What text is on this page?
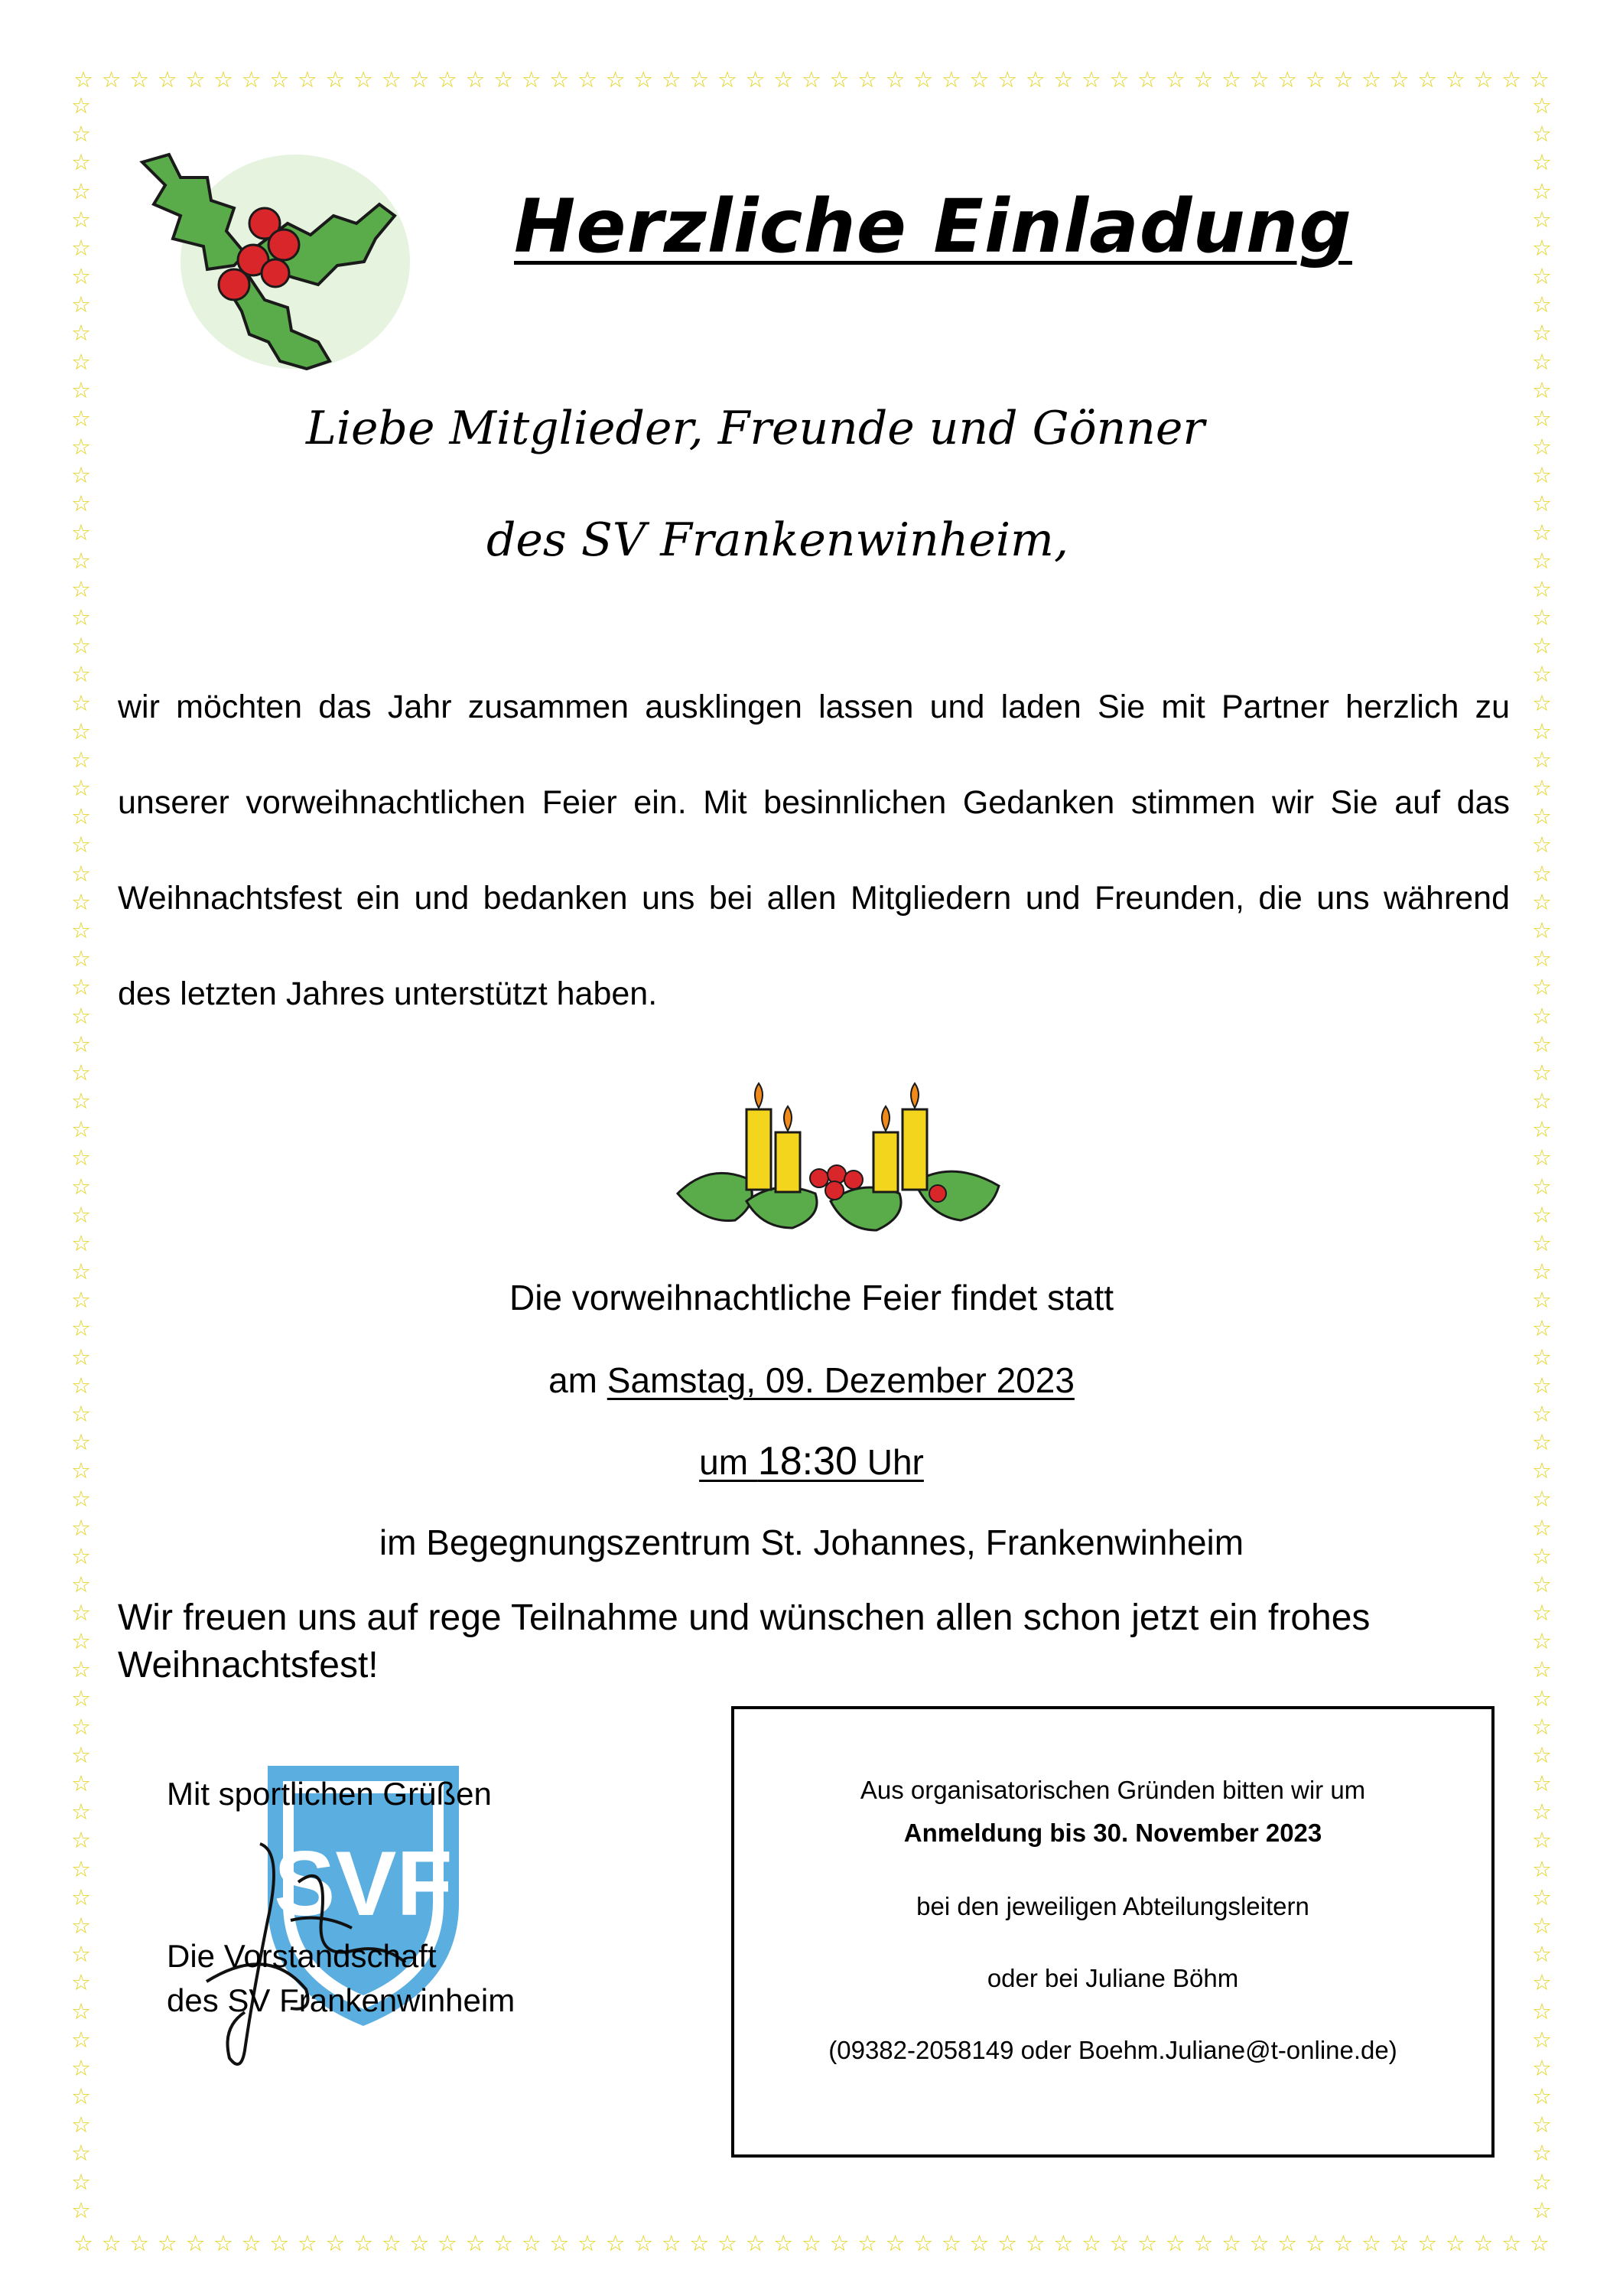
☆ ☆ ☆ ☆ ☆ ☆ ☆ ☆ ☆ ☆ ☆ ☆ ☆ ☆ ☆ ☆ ☆ ☆ ☆ ☆ ☆ ☆ ☆ ☆ ☆ ☆ ☆ ☆ ☆ ☆ ☆ ☆ ☆ ☆ ☆ ☆ ☆ ☆ ☆ ☆ ☆ ☆ ☆ ☆ ☆ ☆ ☆ ☆ ☆ ☆ ☆ ☆ ☆
☆ ☆ ☆ ☆ ☆ ☆ ☆ ☆ ☆ ☆ ☆ ☆ ☆ ☆ ☆ ☆ ☆ ☆ ☆ ☆ ☆ ☆ ☆ ☆ ☆ ☆ ☆ ☆ ☆ ☆ ☆ ☆ ☆ ☆ ☆ ☆ ☆ ☆ ☆ ☆ ☆ ☆ ☆ ☆ ☆ ☆ ☆ ☆ ☆ ☆ ☆ ☆ ☆
☆
☆
☆
☆
☆
☆
☆
☆
☆
☆
☆
☆
☆
☆
☆
☆
☆
☆
☆
☆
☆
☆
☆
☆
☆
☆
☆
☆
☆
☆
☆
☆
☆
☆
☆
☆
☆
☆
☆
☆
☆
☆
☆
☆
☆
☆
☆
☆
☆
☆
☆
☆
☆
☆
☆
☆
☆
☆
☆
☆
☆
☆
☆
☆
☆
☆
☆
☆
☆
☆
☆
☆
☆
☆
☆
☆
☆
☆
☆
☆
☆
☆
☆
☆
☆
☆
☆
☆
☆
☆
☆
☆
☆
☆
☆
☆
☆
☆
☆
☆
☆
☆
☆
☆
☆
☆
☆
☆
☆
☆
☆
☆
☆
☆
☆
☆
☆
☆
☆
☆
☆
☆
☆
☆
☆
☆
☆
☆
☆
☆
☆
☆
☆
☆
☆
☆
☆
☆
☆
☆
☆
☆
☆
☆
☆
☆
☆
☆
☆
☆
Herzliche Einladung
Liebe Mitglieder, Freunde und Gönner
des SV Frankenwinheim,
wir möchten das Jahr zusammen ausklingen lassen und laden Sie mit Partner herzlich zu unserer vorweihnachtlichen Feier ein. Mit besinnlichen Gedanken stimmen wir Sie auf das Weihnachtsfest ein und bedanken uns bei allen Mitgliedern und Freunden, die uns während des letzten Jahres unterstützt haben.
Die vorweihnachtliche Feier findet statt
am Samstag, 09. Dezember 2023
um 18:30 Uhr
im Begegnungszentrum St. Johannes, Frankenwinheim
Wir freuen uns auf rege Teilnahme und wünschen allen schon jetzt ein frohes Weihnachtsfest!
SVF
Mit sportlichen Grüßen
Die Vorstandschaft
des SV Frankenwinheim
Aus organisatorischen Gründen bitten wir um
Anmeldung bis 30. November 2023
bei den jeweiligen Abteilungsleitern
oder bei Juliane Böhm
(09382-2058149 oder Boehm.Juliane@t-online.de)
